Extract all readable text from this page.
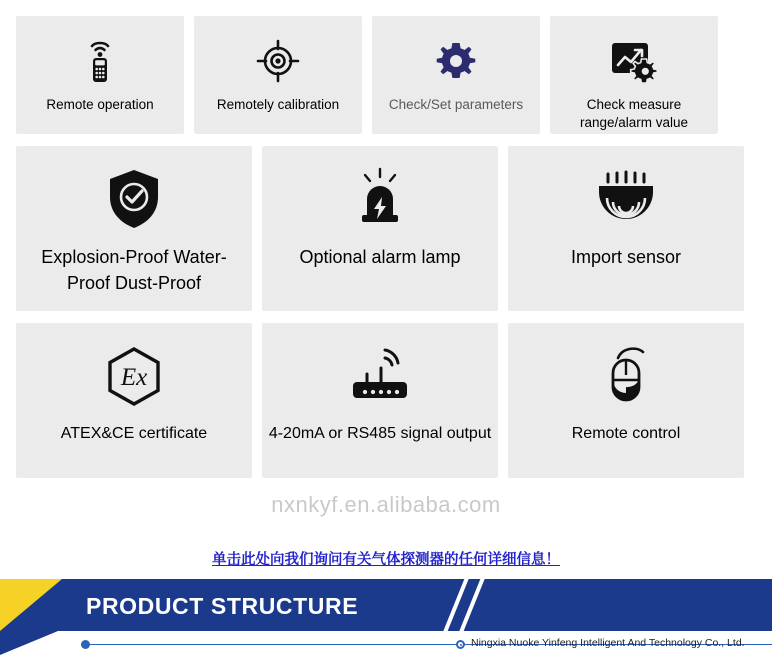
Remote operation	Remotely calibration	Check/Set parameters	Check measure range/alarm value
Explosion-Proof Water-Proof Dust-Proof
Optional alarm lamp	Import sensor
Ex
ATEX&CE certificate	4-20mA or RS485 signal output	Remote control
nxnkyf.en.alibaba.com
单击此处向我们询问有关气体探测器的任何详细信息！
PRODUCT STRUCTURE
Ningxia Nuoke Yinfeng Intelligent And Technology Co., Ltd.
